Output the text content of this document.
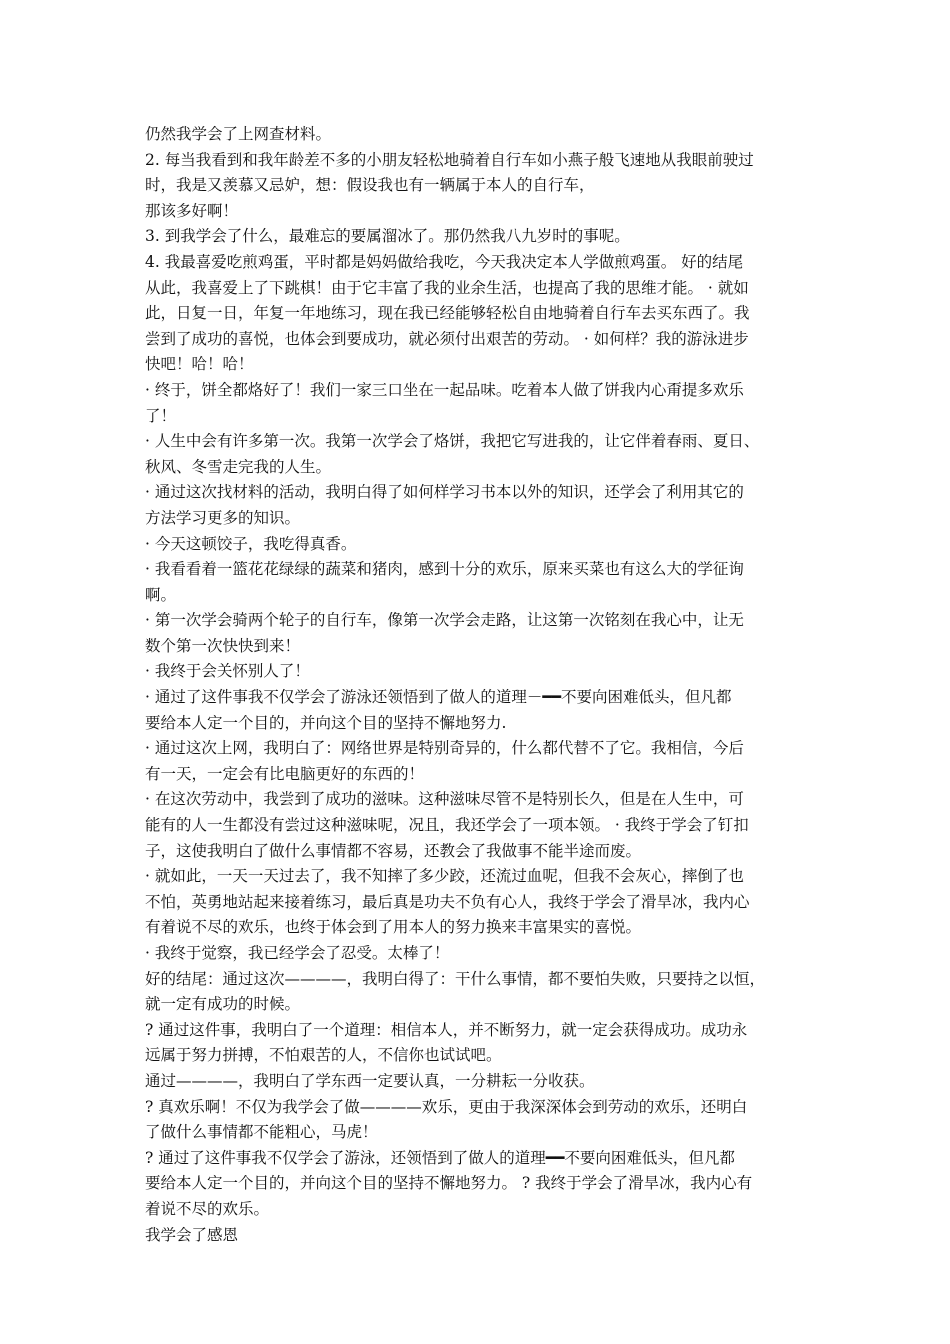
仍然我学会了上网查材料。
2. 每当我看到和我年龄差不多的小朋友轻松地骑着自行车如小燕子般飞速地从我眼前驶过
时，我是又羡慕又忌妒，想：假设我也有一辆属于本人的自行车，
那该多好啊！
3. 到我学会了什么，最难忘的要属溜冰了。那仍然我八九岁时的事呢。
4. 我最喜爱吃煎鸡蛋，平时都是妈妈做给我吃，今天我决定本人学做煎鸡蛋。 好的结尾
从此，我喜爱上了下跳棋！由于它丰富了我的业余生活，也提高了我的思维才能。 · 就如
此，日复一日，年复一年地练习，现在我已经能够轻松自由地骑着自行车去买东西了。我
尝到了成功的喜悦，也体会到要成功，就必须付出艰苦的劳动。 · 如何样？我的游泳进步
快吧！哈！哈！
· 终于，饼全都烙好了！我们一家三口坐在一起品味。吃着本人做了饼我内心甭提多欢乐
了！
· 人生中会有许多第一次。我第一次学会了烙饼，我把它写进我的，让它伴着春雨、夏日、
秋风、冬雪走完我的人生。
· 通过这次找材料的活动，我明白得了如何样学习书本以外的知识，还学会了利用其它的
方法学习更多的知识。
· 今天这顿饺子，我吃得真香。
· 我看看着一篮花花绿绿的蔬菜和猪肉，感到十分的欢乐，原来买菜也有这么大的学征询
啊。
· 第一次学会骑两个轮子的自行车，像第一次学会走路，让这第一次铭刻在我心中，让无
数个第一次快快到来！
· 我终于会关怀别人了！
· 通过了这件事我不仅学会了游泳还领悟到了做人的道理－━━不要向困难低头，但凡都
要给本人定一个目的，并向这个目的坚持不懈地努力.
· 通过这次上网，我明白了：网络世界是特别奇异的，什么都代替不了它。我相信，今后
有一天，一定会有比电脑更好的东西的！
· 在这次劳动中，我尝到了成功的滋味。这种滋味尽管不是特别长久，但是在人生中，可
能有的人一生都没有尝过这种滋味呢，况且，我还学会了一项本领。 · 我终于学会了钉扣
子，这使我明白了做什么事情都不容易，还教会了我做事不能半途而废。
· 就如此，一天一天过去了，我不知摔了多少跤，还流过血呢，但我不会灰心，摔倒了也
不怕，英勇地站起来接着练习，最后真是功夫不负有心人，我终于学会了滑旱冰，我内心
有着说不尽的欢乐，也终于体会到了用本人的努力换来丰富果实的喜悦。
· 我终于觉察，我已经学会了忍受。太棒了！
好的结尾：通过这次————，我明白得了：干什么事情，都不要怕失败，只要持之以恒，
就一定有成功的时候。
? 通过这件事，我明白了一个道理：相信本人，并不断努力，就一定会获得成功。成功永
远属于努力拼搏，不怕艰苦的人，不信你也试试吧。
通过————，我明白了学东西一定要认真，一分耕耘一分收获。
? 真欢乐啊！不仅为我学会了做————欢乐，更由于我深深体会到劳动的欢乐，还明白
了做什么事情都不能粗心，马虎！
? 通过了这件事我不仅学会了游泳，还领悟到了做人的道理━━不要向困难低头，但凡都
要给本人定一个目的，并向这个目的坚持不懈地努力。 ? 我终于学会了滑旱冰，我内心有
着说不尽的欢乐。
我学会了感恩
